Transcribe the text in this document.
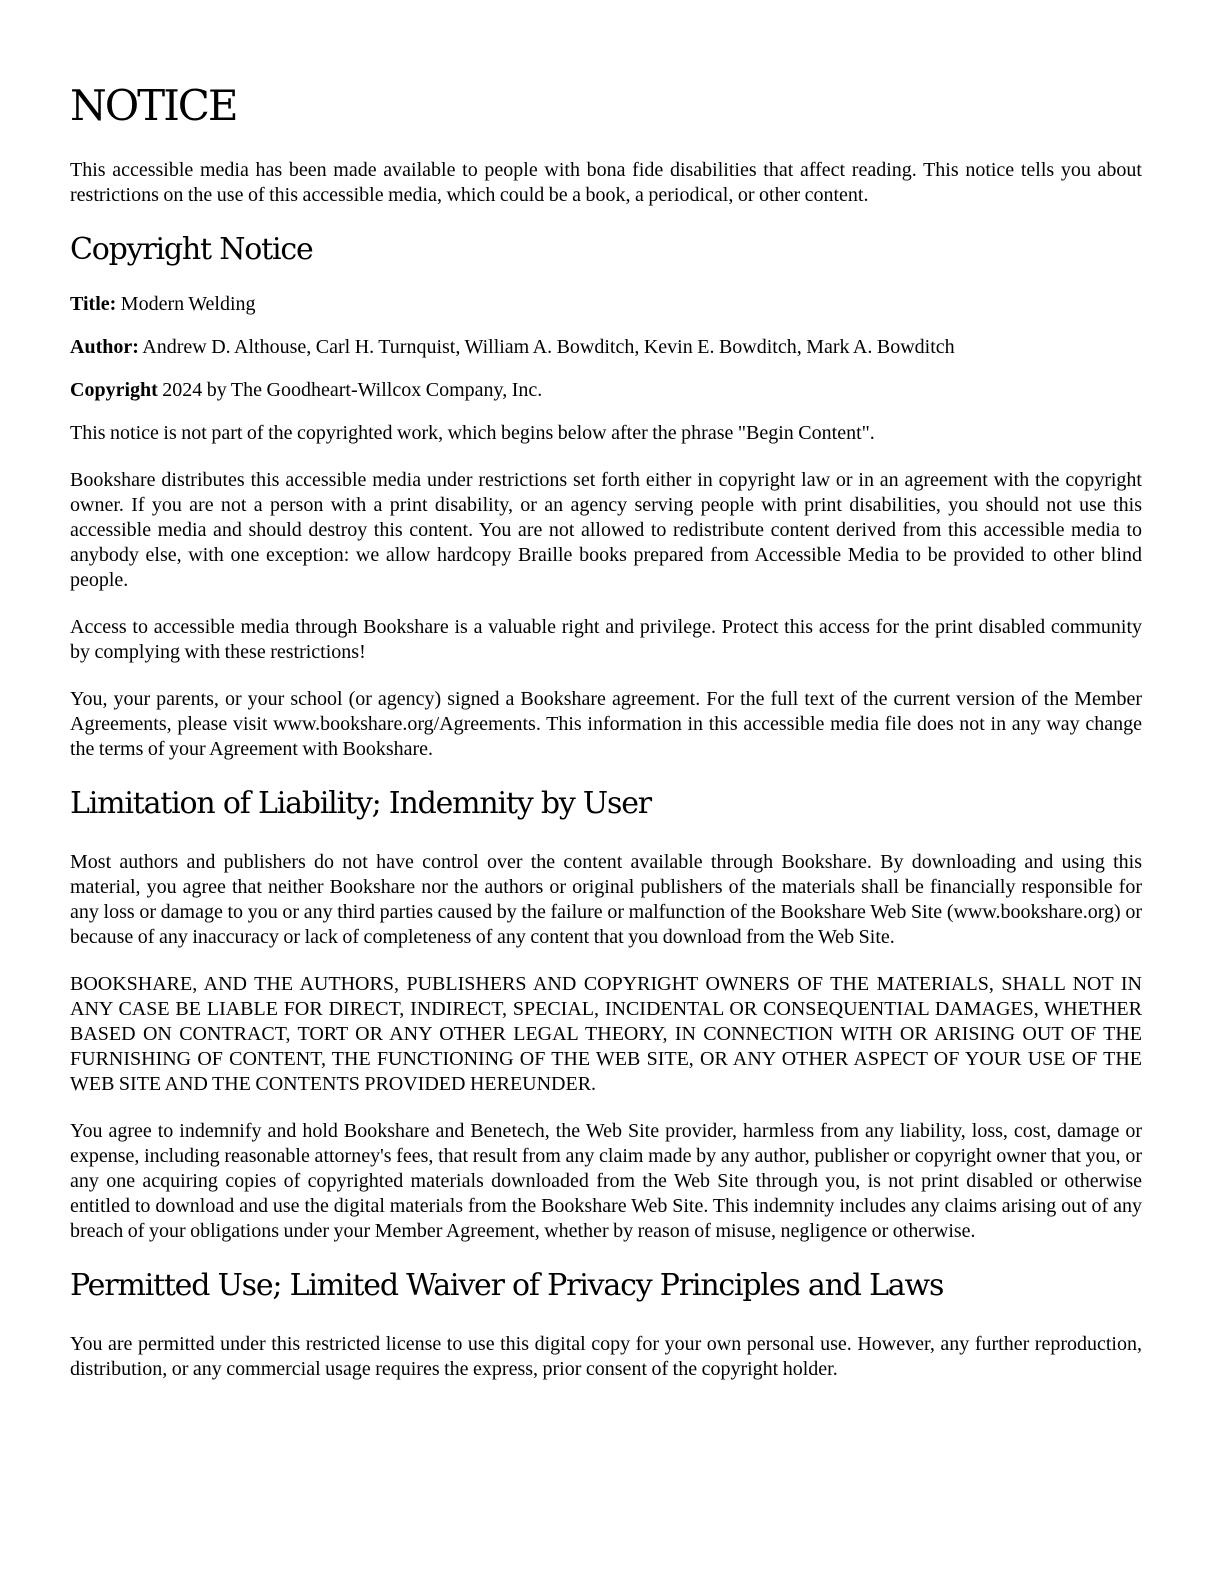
NOTICE

This accessible media has been made available to people with bona fide disabilities that affect reading. This notice tells you about restrictions on the use of this accessible media, which could be a book, a periodical, or other content.

Copyright Notice

Title: Modern Welding

Author: Andrew D. Althouse, Carl H. Turnquist, William A. Bowditch, Kevin E. Bowditch, Mark A. Bowditch

Copyright 2024 by The Goodheart-Willcox Company, Inc.

This notice is not part of the copyrighted work, which begins below after the phrase "Begin Content".

Bookshare distributes this accessible media under restrictions set forth either in copyright law or in an agreement with the copyright owner. If you are not a person with a print disability, or an agency serving people with print disabilities, you should not use this accessible media and should destroy this content. You are not allowed to redistribute content derived from this accessible media to anybody else, with one exception: we allow hardcopy Braille books prepared from Accessible Media to be provided to other blind people.

Access to accessible media through Bookshare is a valuable right and privilege. Protect this access for the print disabled community by complying with these restrictions!

You, your parents, or your school (or agency) signed a Bookshare agreement. For the full text of the current version of the Member Agreements, please visit www.bookshare.org/Agreements. This information in this accessible media file does not in any way change the terms of your Agreement with Bookshare.

Limitation of Liability; Indemnity by User

Most authors and publishers do not have control over the content available through Bookshare. By downloading and using this material, you agree that neither Bookshare nor the authors or original publishers of the materials shall be financially responsible for any loss or damage to you or any third parties caused by the failure or malfunction of the Bookshare Web Site (www.bookshare.org) or because of any inaccuracy or lack of completeness of any content that you download from the Web Site.

BOOKSHARE, AND THE AUTHORS, PUBLISHERS AND COPYRIGHT OWNERS OF THE MATERIALS, SHALL NOT IN ANY CASE BE LIABLE FOR DIRECT, INDIRECT, SPECIAL, INCIDENTAL OR CONSEQUENTIAL DAMAGES, WHETHER BASED ON CONTRACT, TORT OR ANY OTHER LEGAL THEORY, IN CONNECTION WITH OR ARISING OUT OF THE FURNISHING OF CONTENT, THE FUNCTIONING OF THE WEB SITE, OR ANY OTHER ASPECT OF YOUR USE OF THE WEB SITE AND THE CONTENTS PROVIDED HEREUNDER.

You agree to indemnify and hold Bookshare and Benetech, the Web Site provider, harmless from any liability, loss, cost, damage or expense, including reasonable attorney's fees, that result from any claim made by any author, publisher or copyright owner that you, or any one acquiring copies of copyrighted materials downloaded from the Web Site through you, is not print disabled or otherwise entitled to download and use the digital materials from the Bookshare Web Site. This indemnity includes any claims arising out of any breach of your obligations under your Member Agreement, whether by reason of misuse, negligence or otherwise.

Permitted Use; Limited Waiver of Privacy Principles and Laws

You are permitted under this restricted license to use this digital copy for your own personal use. However, any further reproduction, distribution, or any commercial usage requires the express, prior consent of the copyright holder.
